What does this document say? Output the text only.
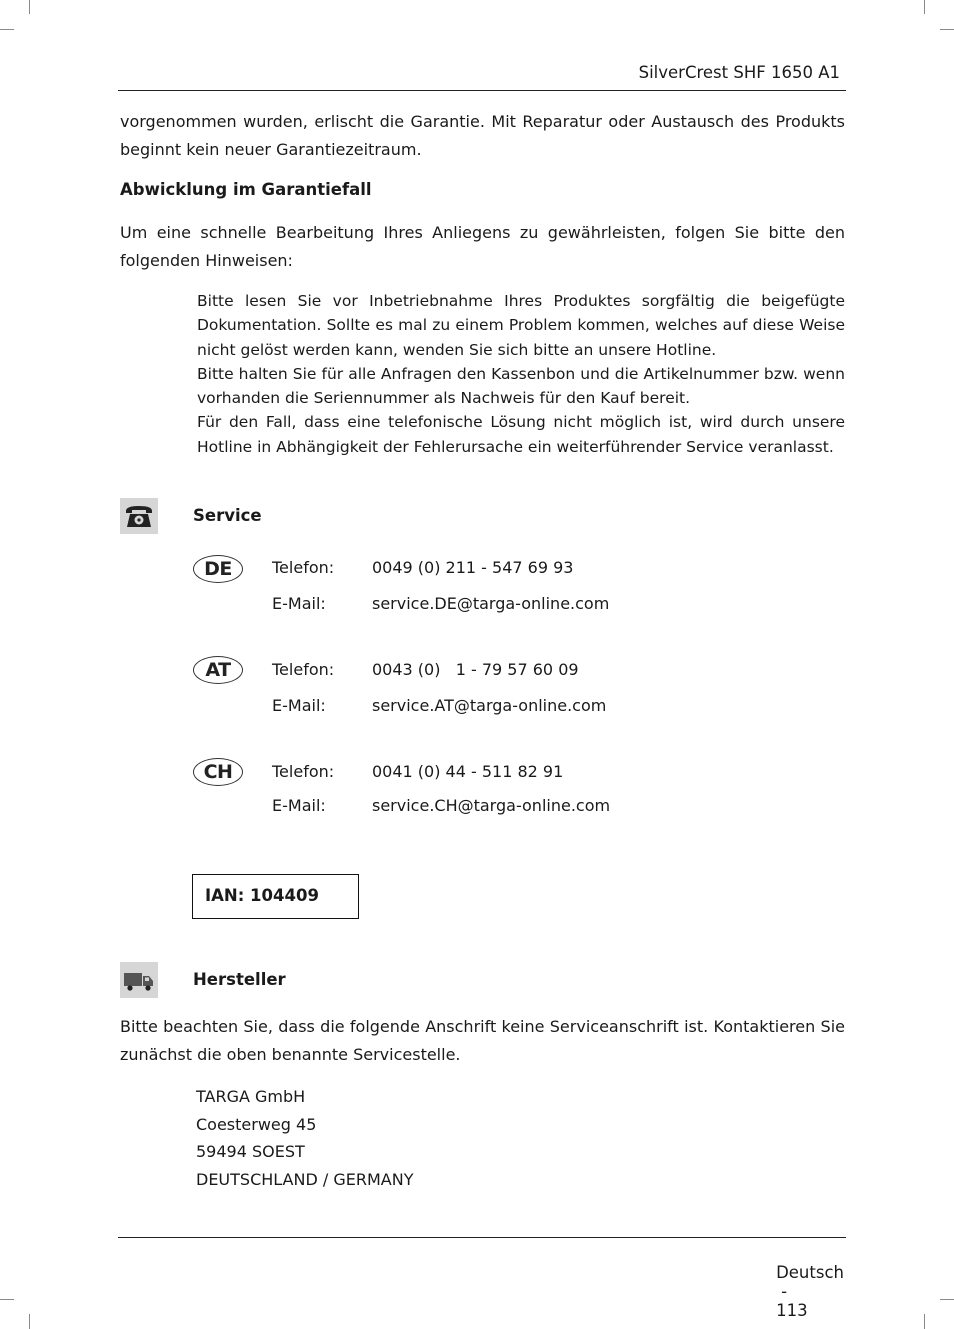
SilverCrest SHF 1650 A1
vorgenommen wurden, erlischt die Garantie. Mit Reparatur oder Austausch des Produkts beginnt kein neuer Garantiezeitraum.
Abwicklung im Garantiefall
Um eine schnelle Bearbeitung Ihres Anliegens zu gewährleisten, folgen Sie bitte den folgenden Hinweisen:
Bitte lesen Sie vor Inbetriebnahme Ihres Produktes sorgfältig die beigefügte Dokumentation. Sollte es mal zu einem Problem kommen, welches auf diese Weise nicht gelöst werden kann, wenden Sie sich bitte an unsere Hotline.
Bitte halten Sie für alle Anfragen den Kassenbon und die Artikelnummer bzw. wenn vorhanden die Seriennummer als Nachweis für den Kauf bereit.
Für den Fall, dass eine telefonische Lösung nicht möglich ist, wird durch unsere Hotline in Abhängigkeit der Fehlerursache ein weiterführender Service veranlasst.
Service
DE	Telefon: 0049 (0) 211 - 547 69 93
E-Mail:	service.DE@targa-online.com
AT	Telefon: 0043 (0)   1 - 79 57 60 09
E-Mail:	service.AT@targa-online.com
CH	Telefon: 0041 (0) 44 - 511 82 91
E-Mail:	service.CH@targa-online.com
IAN: 104409
Hersteller
Bitte beachten Sie, dass die folgende Anschrift keine Serviceanschrift ist. Kontaktieren Sie zunächst die oben benannte Servicestelle.
TARGA GmbH
Coesterweg 45
59494 SOEST
DEUTSCHLAND / GERMANY

Deutsch
-
113
